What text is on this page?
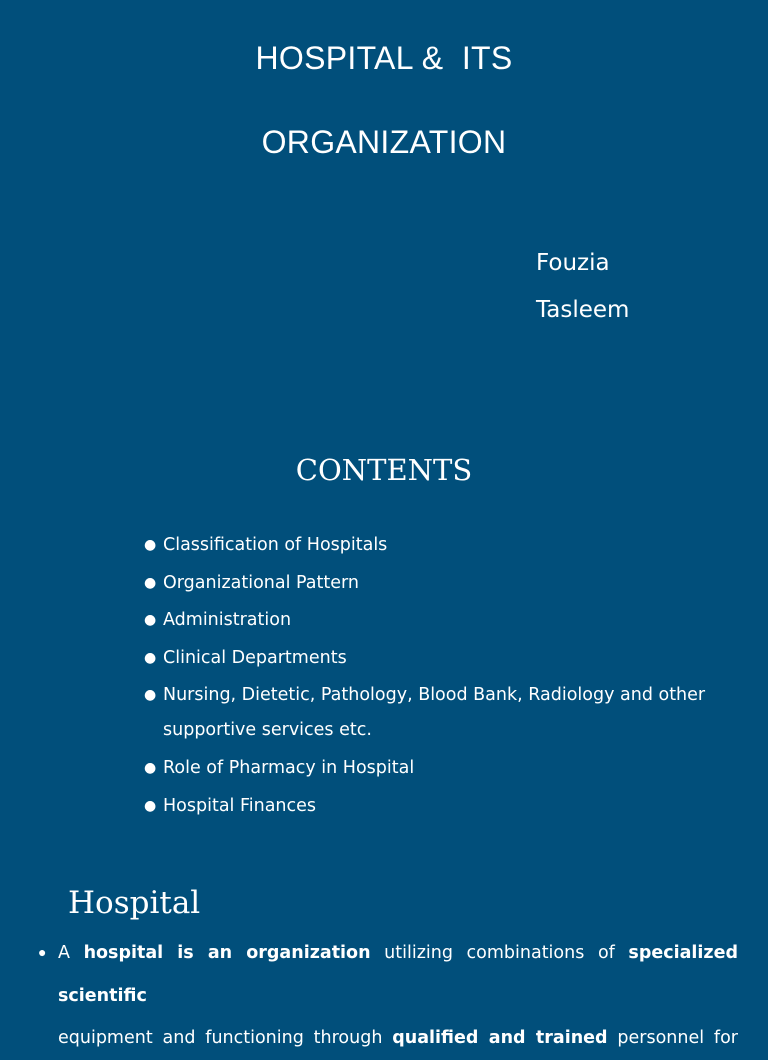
HOSPITAL &  ITS
ORGANIZATION
Fouzia
Tasleem
CONTENTS
● Classification of Hospitals
● Organizational Pattern
● Administration
● Clinical Departments
● Nursing, Dietetic, Pathology, Blood Bank, Radiology and other supportive services etc.
● Role of Pharmacy in Hospital
● Hospital Finances
Hospital
● A hospital is an organization utilizing combinations of specialized scientific
equipment and functioning through qualified and trained personnel for
